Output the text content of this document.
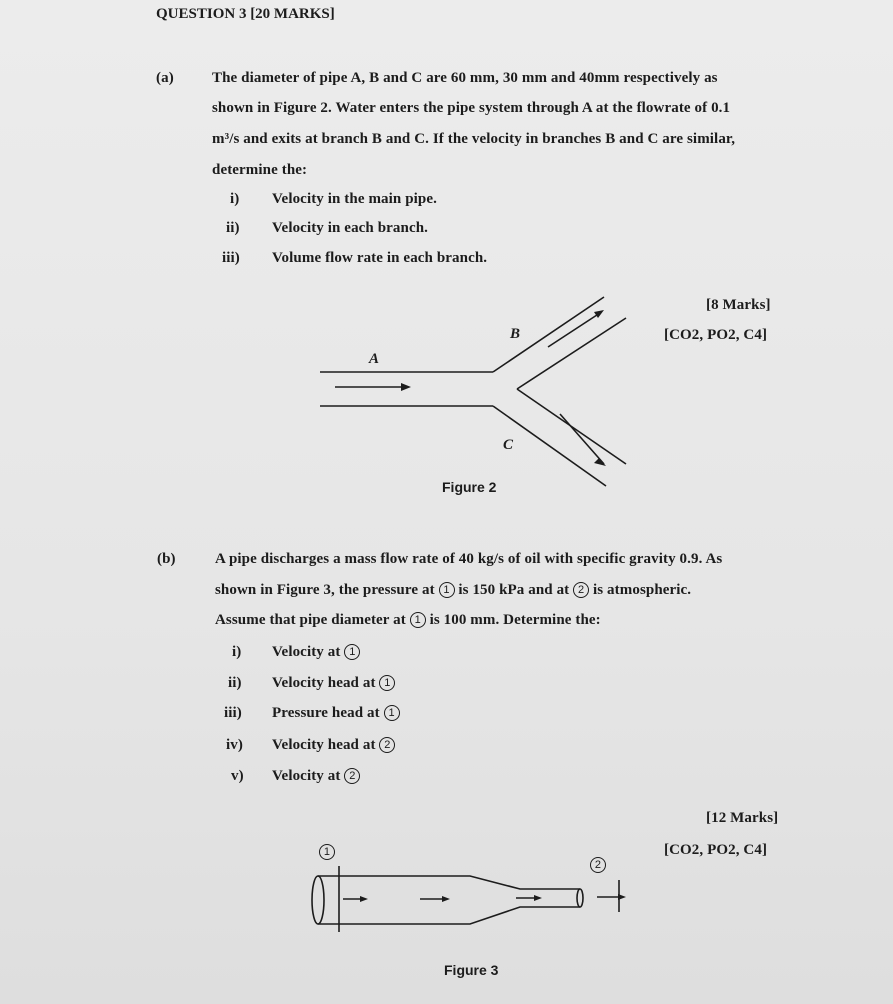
QUESTION 3 [20 MARKS]
(a)	The diameter of pipe A, B and C are 60 mm, 30 mm and 40mm respectively as
shown in Figure 2. Water enters the pipe system through A at the flowrate of 0.1
m³/s and exits at branch B and C. If the velocity in branches B and C are similar,
determine the:
i) Velocity in the main pipe.
ii) Velocity in each branch.
iii) Volume flow rate in each branch.
[8 Marks]
[CO2, PO2, C4]
A
B
C
Figure 2
(b)	A pipe discharges a mass flow rate of 40 kg/s of oil with specific gravity 0.9. As
shown in Figure 3, the pressure at 1 is 150 kPa and at 2 is atmospheric.
Assume that pipe diameter at 1 is 100 mm. Determine the:
i) Velocity at 1
ii) Velocity head at 1
iii) Pressure head at 1
iv) Velocity head at 2
v) Velocity at 2
[12 Marks]
[CO2, PO2, C4]
1
2
Figure 3
